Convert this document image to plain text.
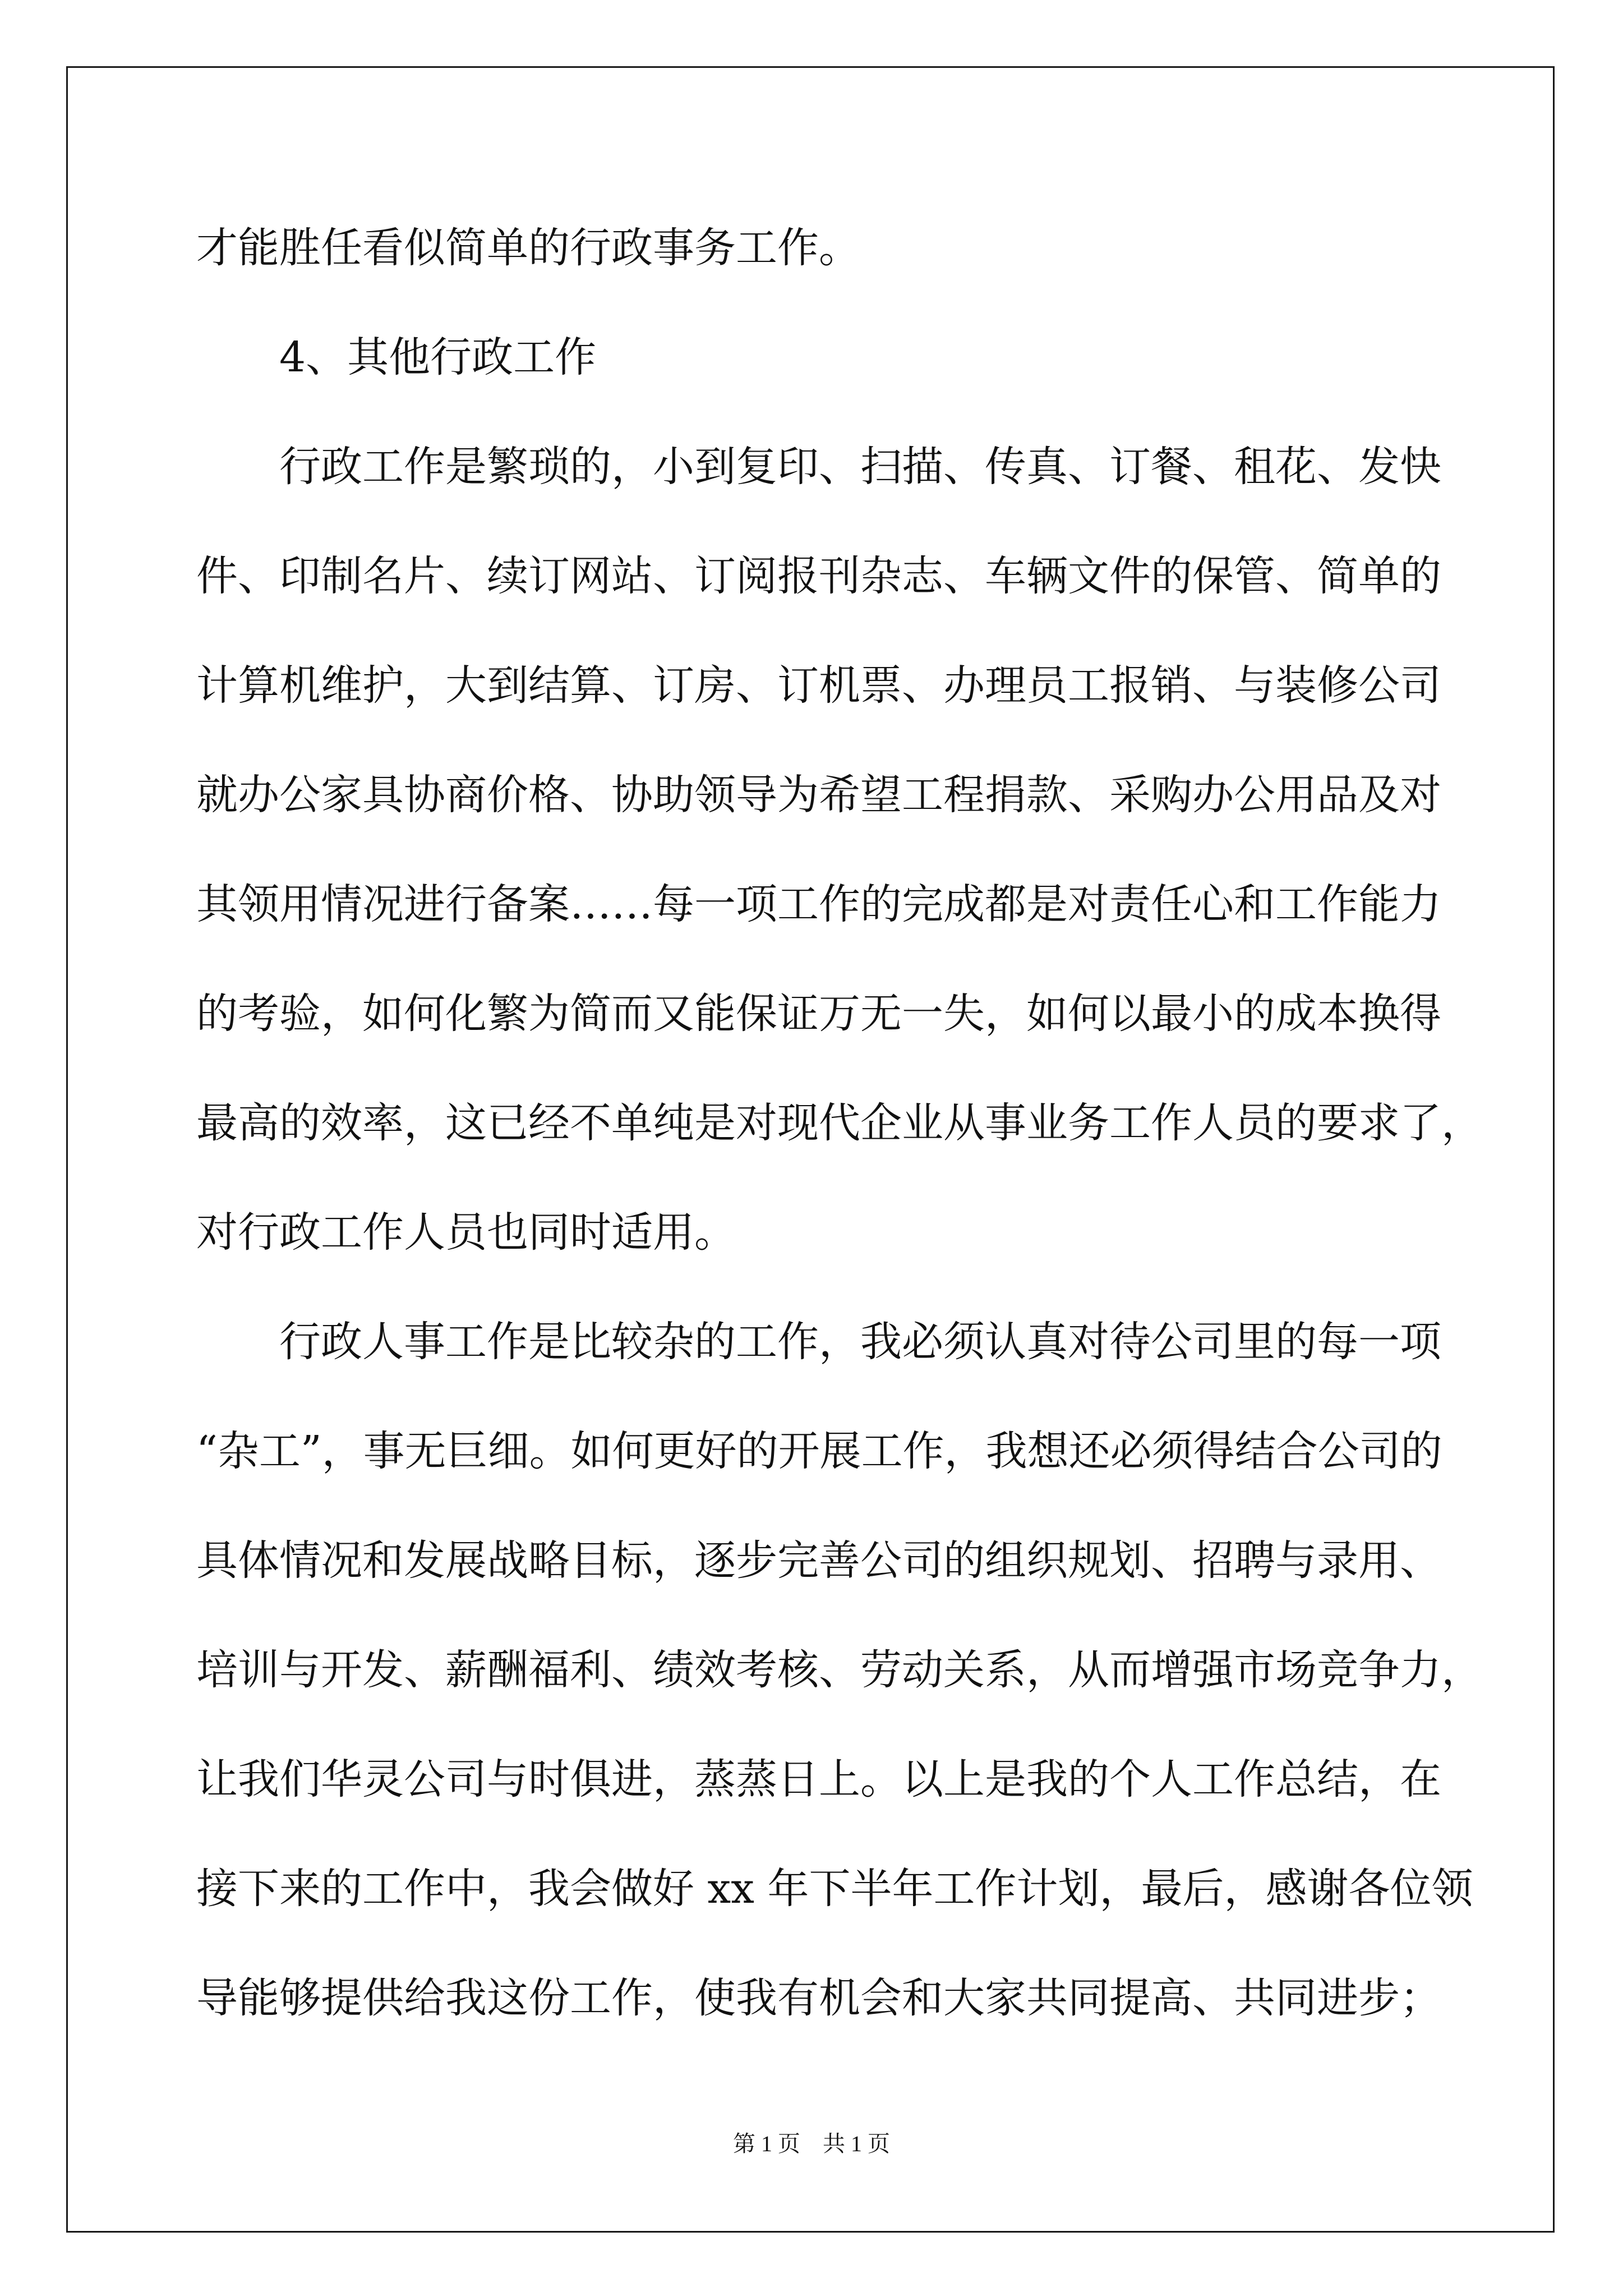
才能胜任看似简单的行政事务工作。

4、其他行政工作

行政工作是繁琐的，小到复印、扫描、传真、订餐、租花、发快

件、印制名片、续订网站、订阅报刊杂志、车辆文件的保管、简单的
计算机维护，大到结算、订房、订机票、办理员工报销、与装修公司
就办公家具协商价格、协助领导为希望工程捐款、采购办公用品及对
其领用情况进行备案……每一项工作的完成都是对责任心和工作能力
的考验，如何化繁为简而又能保证万无一失，如何以最小的成本换得
最高的效率，这已经不单纯是对现代企业从事业务工作人员的要求了，
对行政工作人员也同时适用。

行政人事工作是比较杂的工作，我必须认真对待公司里的每一项

“杂工”，事无巨细。如何更好的开展工作，我想还必须得结合公司的
具体情况和发展战略目标，逐步完善公司的组织规划、招聘与录用、
培训与开发、薪酬福利、绩效考核、劳动关系，从而增强市场竞争力，
让我们华灵公司与时俱进，蒸蒸日上。以上是我的个人工作总结，在
接下来的工作中，我会做好 xx 年下半年工作计划，最后，感谢各位领
导能够提供给我这份工作，使我有机会和大家共同提高、共同进步；

第 1 页　共 1 页
